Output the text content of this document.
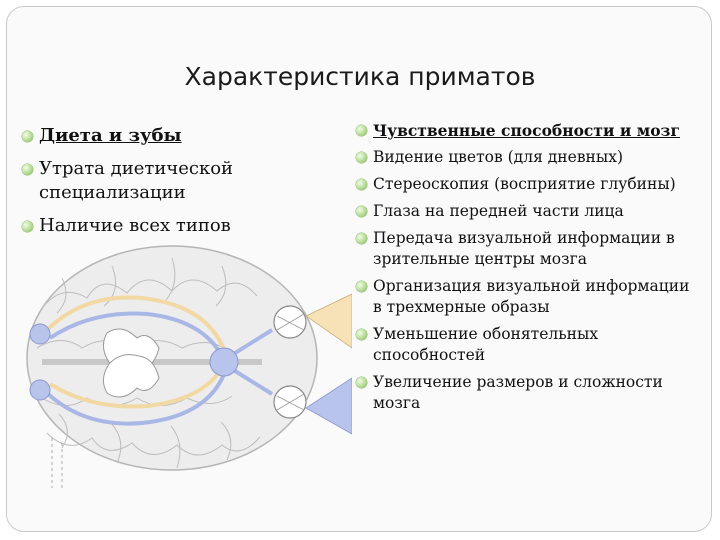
Характеристика приматов
Диета и зубы
Утрата диетической специализации
Наличие всех типов
Чувственные способности и мозг
Видение цветов (для дневных)
Стереоскопия (восприятие глубины)
Глаза на передней части лица
Передача визуальной информации в зрительные центры мозга
Организация визуальной информации в трехмерные образы
Уменьшение обонятельных способностей
Увеличение размеров и сложности мозга
